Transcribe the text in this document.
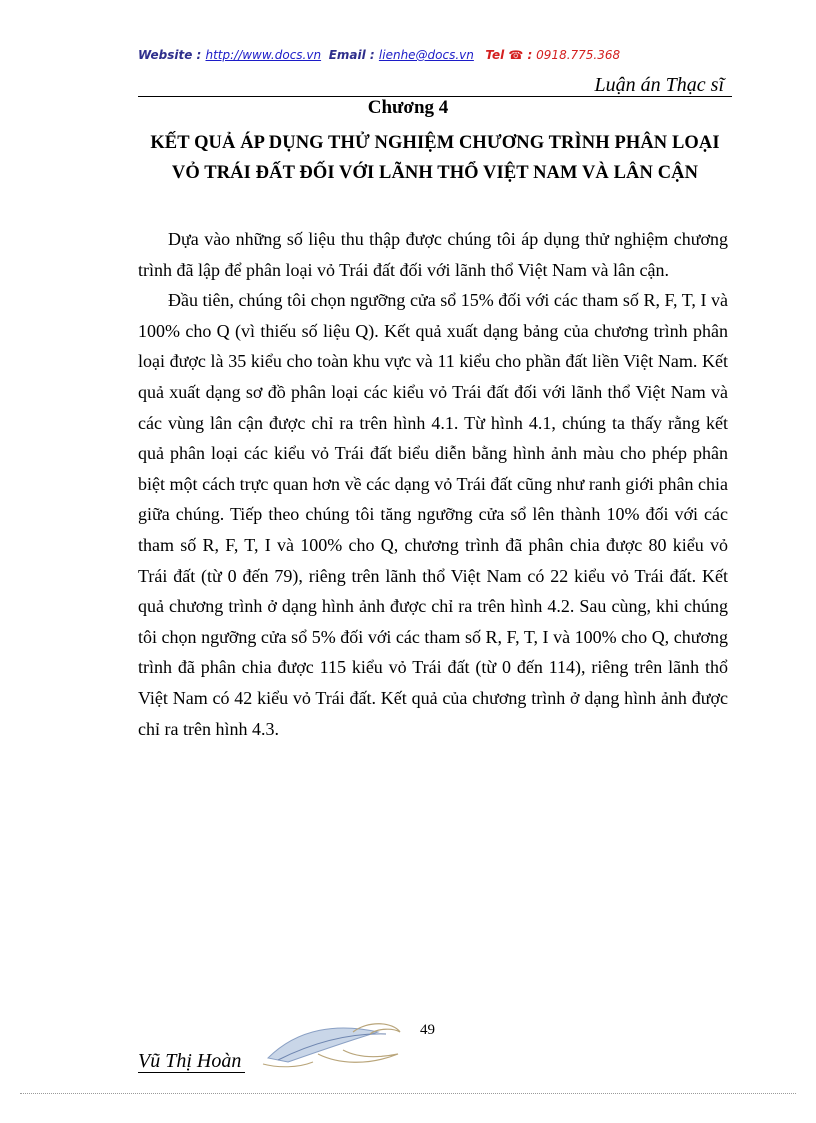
Website : http://www.docs.vn Email : lienhe@docs.vn Tel ☎ : 0918.775.368
Luận án Thạc sĩ
Chương 4
KẾT QUẢ ÁP DỤNG THỬ NGHIỆM CHƯƠNG TRÌNH PHÂN LOẠI
VỎ TRÁI ĐẤT ĐỐI VỚI LÃNH THỔ VIỆT NAM VÀ LÂN CẬN

Dựa vào những số liệu thu thập được chúng tôi áp dụng thử nghiệm chương trình đã lập để phân loại vỏ Trái đất đối với lãnh thổ Việt Nam và lân cận.

Đầu tiên, chúng tôi chọn ngưỡng cửa sổ 15% đối với các tham số R, F, T, I và 100% cho Q (vì thiếu số liệu Q). Kết quả xuất dạng bảng của chương trình phân loại được là 35 kiểu cho toàn khu vực và 11 kiểu cho phần đất liền Việt Nam. Kết quả xuất dạng sơ đồ phân loại các kiểu vỏ Trái đất đối với lãnh thổ Việt Nam và các vùng lân cận được chỉ ra trên hình 4.1. Từ hình 4.1, chúng ta thấy rằng kết quả phân loại các kiểu vỏ Trái đất biểu diễn bằng hình ảnh màu cho phép phân biệt một cách trực quan hơn về các dạng vỏ Trái đất cũng như ranh giới phân chia giữa chúng. Tiếp theo chúng tôi tăng ngưỡng cửa sổ lên thành 10% đối với các tham số R, F, T, I và 100% cho Q, chương trình đã phân chia được 80 kiểu vỏ Trái đất (từ 0 đến 79), riêng trên lãnh thổ Việt Nam có 22 kiểu vỏ Trái đất. Kết quả chương trình ở dạng hình ảnh được chỉ ra trên hình 4.2. Sau cùng, khi chúng tôi chọn ngưỡng cửa sổ 5% đối với các tham số R, F, T, I và 100% cho Q, chương trình đã phân chia được 115 kiểu vỏ Trái đất (từ 0 đến 114), riêng trên lãnh thổ Việt Nam có 42 kiểu vỏ Trái đất. Kết quả của chương trình ở dạng hình ảnh được chỉ ra trên hình 4.3.

49
Vũ Thị Hoàn
